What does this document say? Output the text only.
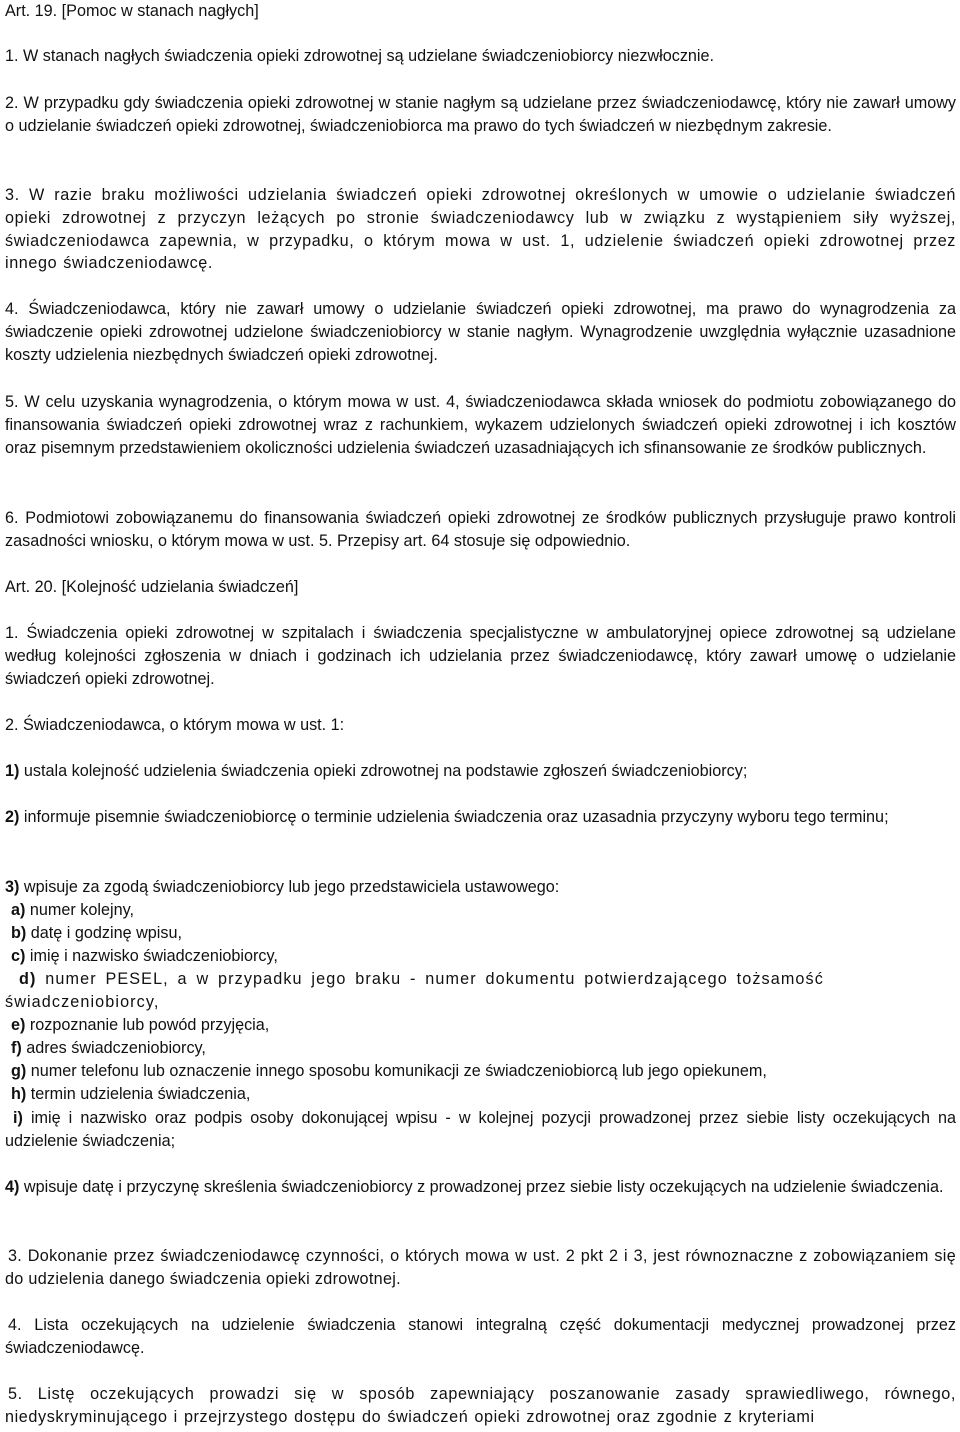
Art. 19. [Pomoc w stanach nagłych]

1. W stanach nagłych świadczenia opieki zdrowotnej są udzielane świadczeniobiorcy niezwłocznie.

2. W przypadku gdy świadczenia opieki zdrowotnej w stanie nagłym są udzielane przez świadczeniodawcę, który nie zawarł umowy o udzielanie świadczeń opieki zdrowotnej, świadczeniobiorca ma prawo do tych świadczeń w niezbędnym zakresie.

3. W razie braku możliwości udzielania świadczeń opieki zdrowotnej określonych w umowie o udzielanie świadczeń opieki zdrowotnej z przyczyn leżących po stronie świadczeniodawcy lub w związku z wystąpieniem siły wyższej, świadczeniodawca zapewnia, w przypadku, o którym mowa w ust. 1, udzielenie świadczeń opieki zdrowotnej przez innego świadczeniodawcę.

4. Świadczeniodawca, który nie zawarł umowy o udzielanie świadczeń opieki zdrowotnej, ma prawo do wynagrodzenia za świadczenie opieki zdrowotnej udzielone świadczeniobiorcy w stanie nagłym. Wynagrodzenie uwzględnia wyłącznie uzasadnione koszty udzielenia niezbędnych świadczeń opieki zdrowotnej.

5. W celu uzyskania wynagrodzenia, o którym mowa w ust. 4, świadczeniodawca składa wniosek do podmiotu zobowiązanego do finansowania świadczeń opieki zdrowotnej wraz z rachunkiem, wykazem udzielonych świadczeń opieki zdrowotnej i ich kosztów oraz pisemnym przedstawieniem okoliczności udzielenia świadczeń uzasadniających ich sfinansowanie ze środków publicznych.

6. Podmiotowi zobowiązanemu do finansowania świadczeń opieki zdrowotnej ze środków publicznych przysługuje prawo kontroli zasadności wniosku, o którym mowa w ust. 5. Przepisy art. 64 stosuje się odpowiednio.

Art. 20. [Kolejność udzielania świadczeń]

1. Świadczenia opieki zdrowotnej w szpitalach i świadczenia specjalistyczne w ambulatoryjnej opiece zdrowotnej są udzielane według kolejności zgłoszenia w dniach i godzinach ich udzielania przez świadczeniodawcę, który zawarł umowę o udzielanie świadczeń opieki zdrowotnej.

2. Świadczeniodawca, o którym mowa w ust. 1:

1) ustala kolejność udzielenia świadczenia opieki zdrowotnej na podstawie zgłoszeń świadczeniobiorcy;

2) informuje pisemnie świadczeniobiorcę o terminie udzielenia świadczenia oraz uzasadnia przyczyny wyboru tego terminu;

3) wpisuje za zgodą świadczeniobiorcy lub jego przedstawiciela ustawowego:

a) numer kolejny,

b) datę i godzinę wpisu,

c) imię i nazwisko świadczeniobiorcy,

d) numer PESEL, a w przypadku jego braku - numer dokumentu potwierdzającego tożsamość świadczeniobiorcy,

e) rozpoznanie lub powód przyjęcia,

f) adres świadczeniobiorcy,

g) numer telefonu lub oznaczenie innego sposobu komunikacji ze świadczeniobiorcą lub jego opiekunem,

h) termin udzielenia świadczenia,

i) imię i nazwisko oraz podpis osoby dokonującej wpisu - w kolejnej pozycji prowadzonej przez siebie listy oczekujących na udzielenie świadczenia;

4) wpisuje datę i przyczynę skreślenia świadczeniobiorcy z prowadzonej przez siebie listy oczekujących na udzielenie świadczenia.

3. Dokonanie przez świadczeniodawcę czynności, o których mowa w ust. 2 pkt 2 i 3, jest równoznaczne z zobowiązaniem się do udzielenia danego świadczenia opieki zdrowotnej.

4. Lista oczekujących na udzielenie świadczenia stanowi integralną część dokumentacji medycznej prowadzonej przez świadczeniodawcę.

5. Listę oczekujących prowadzi się w sposób zapewniający poszanowanie zasady sprawiedliwego, równego, niedyskryminującego i przejrzystego dostępu do świadczeń opieki zdrowotnej oraz zgodnie z kryteriami
